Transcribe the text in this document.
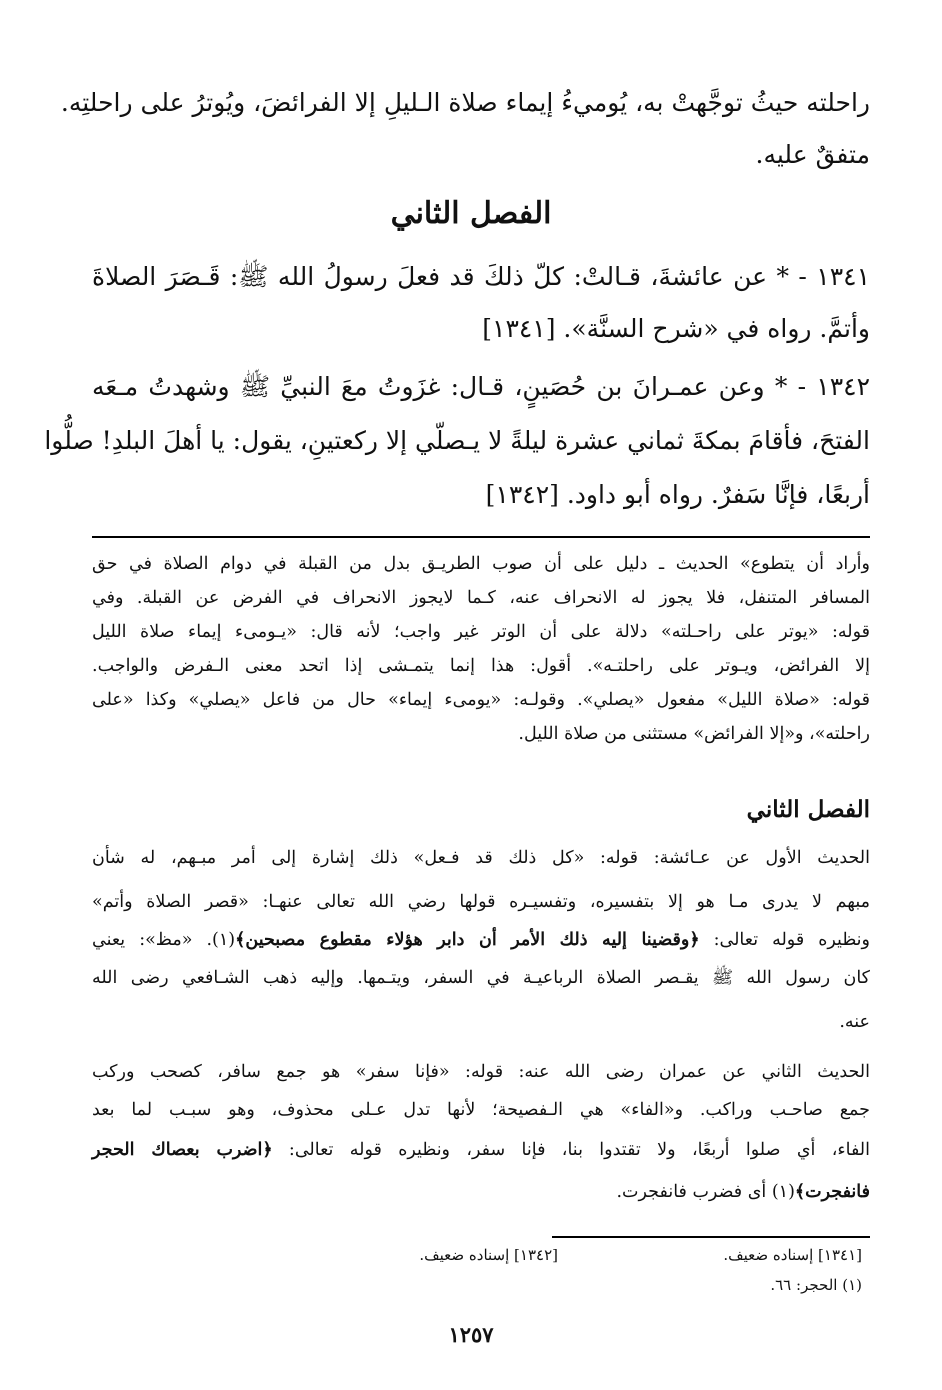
راحلته حيثُ توجَّهتْ به، يُوميءُ إيماء صلاة الـليلِ إلا الفرائضَ، ويُوترُ على راحلتِه.
متفقٌ عليه.
الفصل الثاني
١٣٤١ - * عن عائشةَ، قـالتْ: كلّ ذلكَ قد فعلَ رسولُ الله ﷺ: قَـصَرَ الصلاةَ
وأتمَّ. رواه في «شرح السنَّة». [١٣٤١]
١٣٤٢ - * وعن عمـرانَ بن حُصَينٍ، قـال: غزَوتُ معَ النبيِّ ﷺ وشهدتُ مـعَه
الفتحَ، فأقامَ بمكةَ ثماني عشرة ليلةً لا يـصلّي إلا ركعتينِ، يقول: يا أهلَ البلدِ! صلُّوا
أربعًا، فإنَّا سَفرٌ. رواه أبو داود. [١٣٤٢]
وأراد أن يتطوع» الحديث ـ دليل على أن صوب الطريـق بدل من القبلة في دوام الصلاة في حق
المسافر المتنفل، فلا يجوز له الانحراف عنه، كـما لايجوز الانحراف في الفرض عن القبلة. وفي
قوله: «يوتر على راحـلته» دلالة على أن الوتر غير واجب؛ لأنه قال: «يـومىء إيماء صلاة الليل
إلا الفرائض، ويـوتر على راحلتـه». أقول: هذا إنما يتمـشى إذا اتحد معنى الـفرض والواجب.
قوله: «صلاة الليل» مفعول «يصلي». وقولـه: «يومىء إيماء» حال من فاعل «يصلي» وكذا «على
راحلته»، و«إلا الفرائض» مستثنى من صلاة الليل.
الفصل الثاني
الحديث الأول عن عـائشة: قوله: «كل ذلك قد فـعل» ذلك إشارة إلى أمر مبـهم، له شأن
مبهم لا يدرى مـا هو إلا بتفسيره، وتفسيـره قولها رضي الله تعالى عنهـا: «قصر الصلاة وأتم»
ونظيره قوله تعالى: ﴿وقضينا إليه ذلك الأمر أن دابر هؤلاء مقطوع مصبحين﴾(١). «مظ»: يعني
كان رسول الله ﷺ يقـصر الصلاة الرباعيـة في السفر، ويتـمها. وإليه ذهب الشـافعي رضى الله
عنه.
الحديث الثاني عن عمران رضى الله عنه: قوله: «فإنا سفر» هو جمع سافر، كصحب وركب
جمع صاحـب وراكب. و«الفاء» هي الـفصيحة؛ لأنها تدل عـلى محذوف، وهو سبـب لما بعد
الفاء، أي صلوا أربعًا، ولا تقتدوا بنا، فإنا سفر، ونظيره قوله تعالى: ﴿اضرب بعصاك الحجر
فانفجرت﴾(١) أى فضرب فانفجرت.
[١٣٤١] إسناده ضعيف.
[١٣٤٢] إسناده ضعيف.
(١) الحجر: ٦٦.
١٢٥٧
